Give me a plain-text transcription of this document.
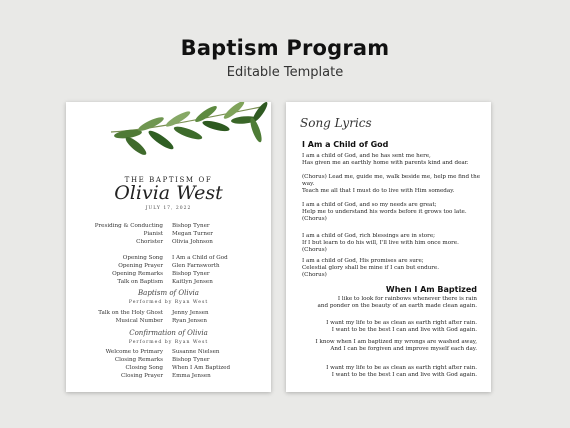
Baptism Program
Editable Template
THE BAPTISM OF
Olivia West
JULY 17, 2022
Presiding & Conducting Bishop Tyner
Pianist Megan Turner
Chorister Olivia Johnson
Opening Song I Am a Child of God
Opening Prayer Glen Farnsworth
Opening Remarks Bishop Tyner
Talk on Baptism Kaitlyn Jensen
Baptism of Olivia
Performed by Ryan West
Talk on the Holy Ghost Jenny Jensen
Musical Number Ryan Jensen
Confirmation of Olivia
Performed by Ryan West
Welcome to Primary Susanne Nielsen
Closing Remarks Bishop Tyner
Closing Song When I Am Baptized
Closing Prayer Emma Jensen
Song Lyrics
I Am a Child of God
I am a child of God, and he has sent me here,
Has given me an earthly home with parents kind and dear.
(Chorus) Lead me, guide me, walk beside me, help me find the way.
Teach me all that I must do to live with Him someday.
I am a child of God, and so my needs are great;
Help me to understand his words before it grows too late.
(Chorus)
I am a child of God, rich blessings are in store;
If I but learn to do his will, I'll live with him once more.
(Chorus)
I am a child of God, His promises are sure;
Celestial glory shall be mine if I can but endure.
(Chorus)
When I Am Baptized
I like to look for rainbows whenever there is rain
and ponder on the beauty of an earth made clean again.
I want my life to be as clean as earth right after rain.
I want to be the best I can and live with God again.
I know when I am baptized my wrongs are washed away,
And I can be forgiven and improve myself each day.
I want my life to be as clean as earth right after rain.
I want to be the best I can and live with God again.
